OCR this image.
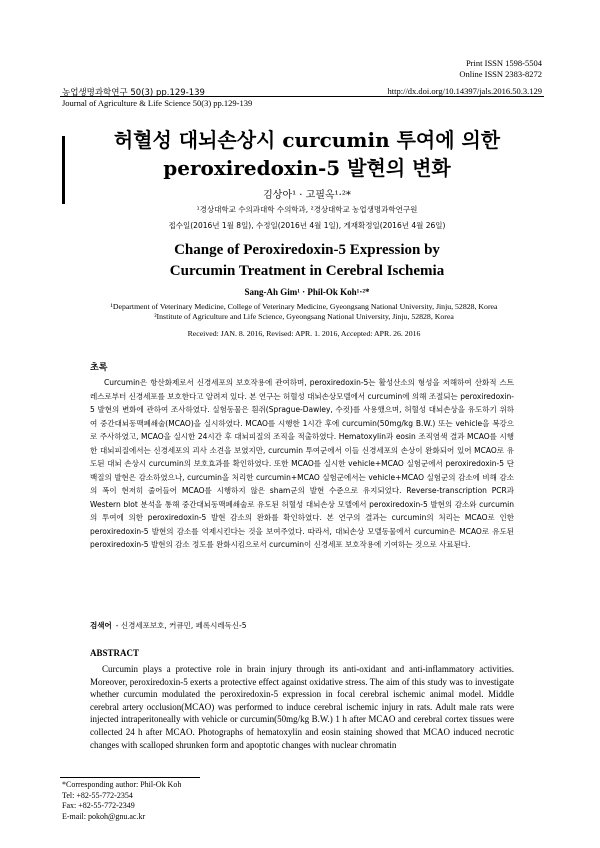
Print ISSN 1598-5504
Online ISSN 2383-8272
농업생명과학연구 50(3) pp.129-139	http://dx.doi.org/10.14397/jals.2016.50.3.129
Journal of Agriculture & Life Science 50(3) pp.129-139
허혈성 대뇌손상시 curcumin 투여에 의한
peroxiredoxin-5 발현의 변화
김상아¹ · 고필옥¹·²*
¹경상대학교 수의과대학 수의학과, ²경상대학교 농업생명과학연구원
접수일(2016년 1월 8일), 수정일(2016년 4월 1일), 게재확정일(2016년 4월 26일)
Change of Peroxiredoxin-5 Expression by
Curcumin Treatment in Cerebral Ischemia
Sang-Ah Gim¹ · Phil-Ok Koh¹·²*
¹Department of Veterinary Medicine, College of Veterinary Medicine, Gyeongsang National University, Jinju, 52828, Korea
²Institute of Agriculture and Life Science, Gyeongsang National University, Jinju, 52828, Korea
Received: JAN. 8. 2016, Revised: APR. 1. 2016, Accepted: APR. 26. 2016
초록

Curcumin은 항산화제로서 신경세포의 보호작용에 관여하며, peroxiredoxin-5는 활성산소의 형성을 저해하여 산화적 스트레스로부터 신경세포를 보호한다고 알려져 있다. 본 연구는 허혈성 대뇌손상모델에서 curcumin에 의해 조절되는 peroxiredoxin-5 발현의 변화에 관하여 조사하였다. 실험동물은 흰쥐(Sprague-Dawley, 수컷)를 사용했으며, 허혈성 대뇌손상을 유도하기 위하여 중간대뇌동맥폐쇄술(MCAO)을 실시하였다. MCAO를 시행한 1시간 후에 curcumin(50mg/kg B.W.) 또는 vehicle을 복강으로 주사하였고, MCAO을 실시한 24시간 후 대뇌피질의 조직을 적출하였다. Hematoxylin과 eosin 조직염색 결과 MCAO를 시행한 대뇌피질에서는 신경세포의 괴사 소견을 보였지만, curcumin 투여군에서 이들 신경세포의 손상이 완화되어 있어 MCAO로 유도된 대뇌 손상시 curcumin의 보호효과를 확인하였다. 또한 MCAO를 실시한 vehicle+MCAO 실험군에서 peroxiredoxin-5 단백질의 발현은 감소하였으나, curcumin을 처리한 curcumin+MCAO 실험군에서는 vehicle+MCAO 실험군의 감소에 비해 감소의 폭이 현저히 줄어들어 MCAO를 시행하지 않은 sham군의 발현 수준으로 유지되었다. Reverse-transcription PCR과 Western blot 분석을 통해 중간대뇌동맥폐쇄술로 유도된 허혈성 대뇌손상 모델에서 peroxiredoxin-5 발현의 감소와 curcumin의 투여에 의한 peroxiredoxin-5 발현 감소의 완화를 확인하였다. 본 연구의 결과는 curcumin의 처리는 MCAO로 인한 peroxiredoxin-5 발현의 감소를 억제시킨다는 것을 보여주었다. 따라서, 대뇌손상 모델동물에서 curcumin은 MCAO로 유도된 peroxiredoxin-5 발현의 감소 정도를 완화시킴으로서 curcumin이 신경세포 보호작용에 기여하는 것으로 사료된다.

검색어 - 신경세포보호, 커큐민, 페록시레독신-5
ABSTRACT

Curcumin plays a protective role in brain injury through its anti-oxidant and anti-inflammatory activities. Moreover, peroxiredoxin-5 exerts a protective effect against oxidative stress. The aim of this study was to investigate whether curcumin modulated the peroxiredoxin-5 expression in focal cerebral ischemic animal model. Middle cerebral artery occlusion(MCAO) was performed to induce cerebral ischemic injury in rats. Adult male rats were injected intraperitoneally with vehicle or curcumin(50mg/kg B.W.) 1 h after MCAO and cerebral cortex tissues were collected 24 h after MCAO. Photographs of hematoxylin and eosin staining showed that MCAO induced necrotic changes with scalloped shrunken form and apoptotic changes with nuclear chromatin

*Corresponding author: Phil-Ok Koh
Tel: +82-55-772-2354
Fax: +82-55-772-2349
E-mail: pokoh@gnu.ac.kr
